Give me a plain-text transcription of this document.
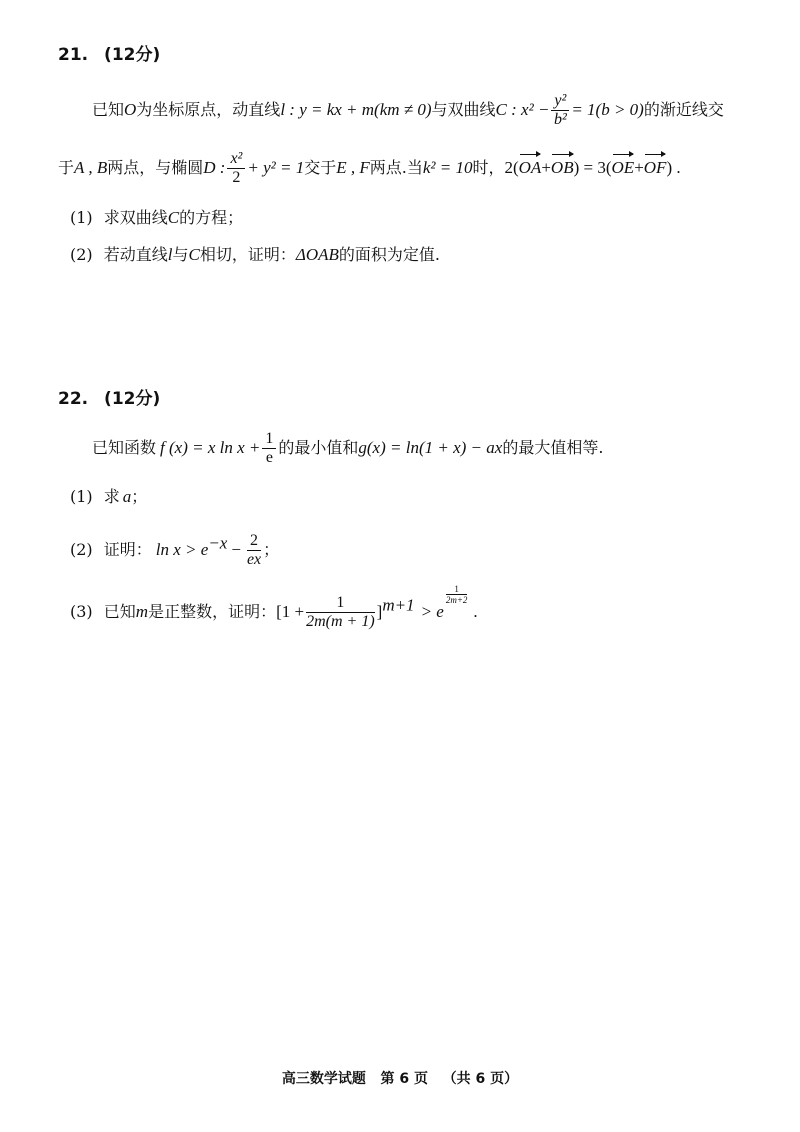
21. (12分)
已知O为坐标原点，动直线l : y = kx + m(km ≠ 0)与双曲线C : $x^2 - \frac{\text{y²}}{\text{b²}} = 1(b > 0)$的渐近线交
于A , B两点，与椭圆D : $\frac{\text{x²}}{2} + y^2 = 1$交于E , F两点.当k² = 10时，2(OA+OB) = 3(OE+OF) .
(1) 求双曲线C的方程；
(2) 若动直线l与C相切，证明：ΔOAB的面积为定值.
22. (12分)
已知函数 f (x) = x $\ln x + \frac{1}{e}$ 的最小值和g(x) = ln(1 + x) − ax的最大值相等.
(1) 求 a；
(2) 证明： $\ln x > e^{-x} - \frac{2}{ex}$ ；
(3) 已知m是正整数，证明：$[1 + \frac{1}{2m(m + 1)} ]^{m+1} > e$
$\frac{1}{2m+2}$
.
高三数学试题   第 6 页   （共 6 页）
